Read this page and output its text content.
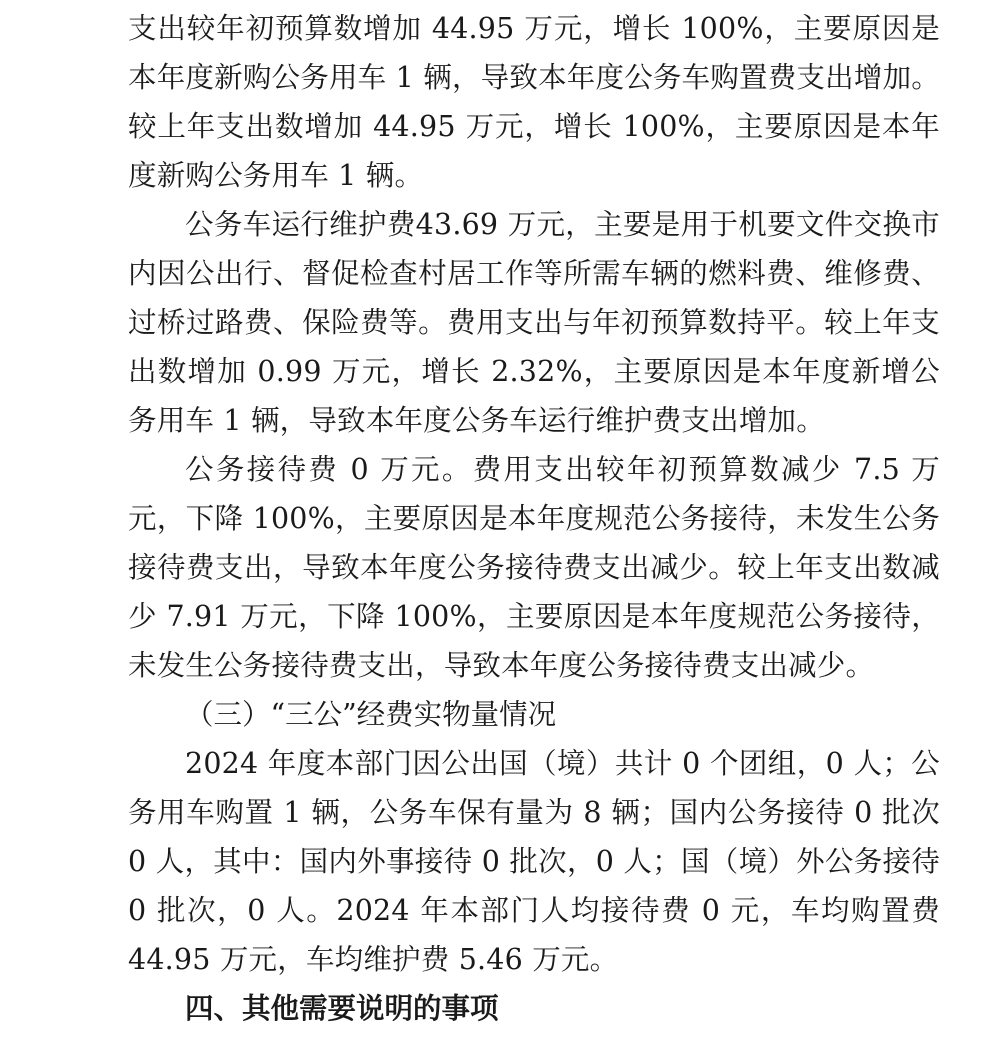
支出较年初预算数增加 44.95 万元，增长 100%，主要原因是本年度新购公务用车 1 辆，导致本年度公务车购置费支出增加。较上年支出数增加 44.95 万元，增长 100%，主要原因是本年度新购公务用车 1 辆。

公务车运行维护费43.69 万元，主要是用于机要文件交换市内因公出行、督促检查村居工作等所需车辆的燃料费、维修费、过桥过路费、保险费等。费用支出与年初预算数持平。较上年支出数增加 0.99 万元，增长 2.32%，主要原因是本年度新增公务用车 1 辆，导致本年度公务车运行维护费支出增加。

公务接待费 0 万元。费用支出较年初预算数减少 7.5 万元，下降 100%，主要原因是本年度规范公务接待，未发生公务接待费支出，导致本年度公务接待费支出减少。较上年支出数减少 7.91 万元，下降 100%，主要原因是本年度规范公务接待，未发生公务接待费支出，导致本年度公务接待费支出减少。

（三）“三公”经费实物量情况

2024 年度本部门因公出国（境）共计 0 个团组，0 人；公务用车购置 1 辆，公务车保有量为 8 辆；国内公务接待 0 批次 0 人，其中：国内外事接待 0 批次，0 人；国（境）外公务接待 0 批次，0 人。2024 年本部门人均接待费 0 元，车均购置费 44.95 万元，车均维护费 5.46 万元。

四、其他需要说明的事项
